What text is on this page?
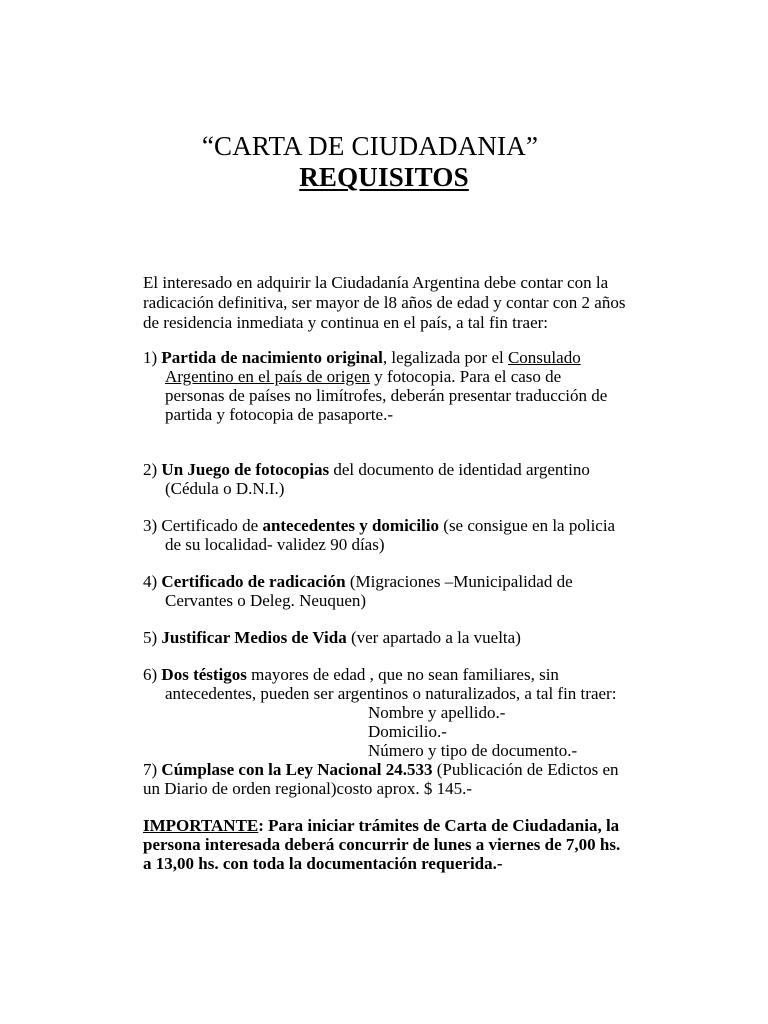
“CARTA DE CIUDADANIA”
REQUISITOS
El interesado en adquirir la Ciudadanía Argentina debe contar con la
radicación definitiva, ser mayor de l8 años de edad y contar con 2 años
de residencia inmediata y continua en el país, a tal fin traer:
1) Partida de nacimiento original, legalizada por el Consulado
Argentino en el país de origen y fotocopia. Para el caso de
personas de países no limítrofes, deberán presentar traducción de
partida y fotocopia de pasaporte.-
2) Un Juego de fotocopias del documento de identidad argentino
(Cédula o D.N.I.)
3) Certificado de antecedentes y domicilio (se consigue en la policia
de su localidad- validez 90 días)
4) Certificado de radicación (Migraciones –Municipalidad de
Cervantes o Deleg. Neuquen)
5) Justificar Medios de Vida (ver apartado a la vuelta)
6) Dos téstigos mayores de edad , que no sean familiares, sin
antecedentes, pueden ser argentinos o naturalizados, a tal fin traer:
Nombre y apellido.-
Domicilio.-
Número y tipo de documento.-
7) Cúmplase con la Ley Nacional 24.533 (Publicación de Edictos en
un Diario de orden regional)costo aprox. $ 145.-
IMPORTANTE: Para iniciar trámites de Carta de Ciudadania, la
persona interesada deberá concurrir de lunes a viernes de 7,00 hs.
a 13,00 hs. con toda la documentación requerida.-
